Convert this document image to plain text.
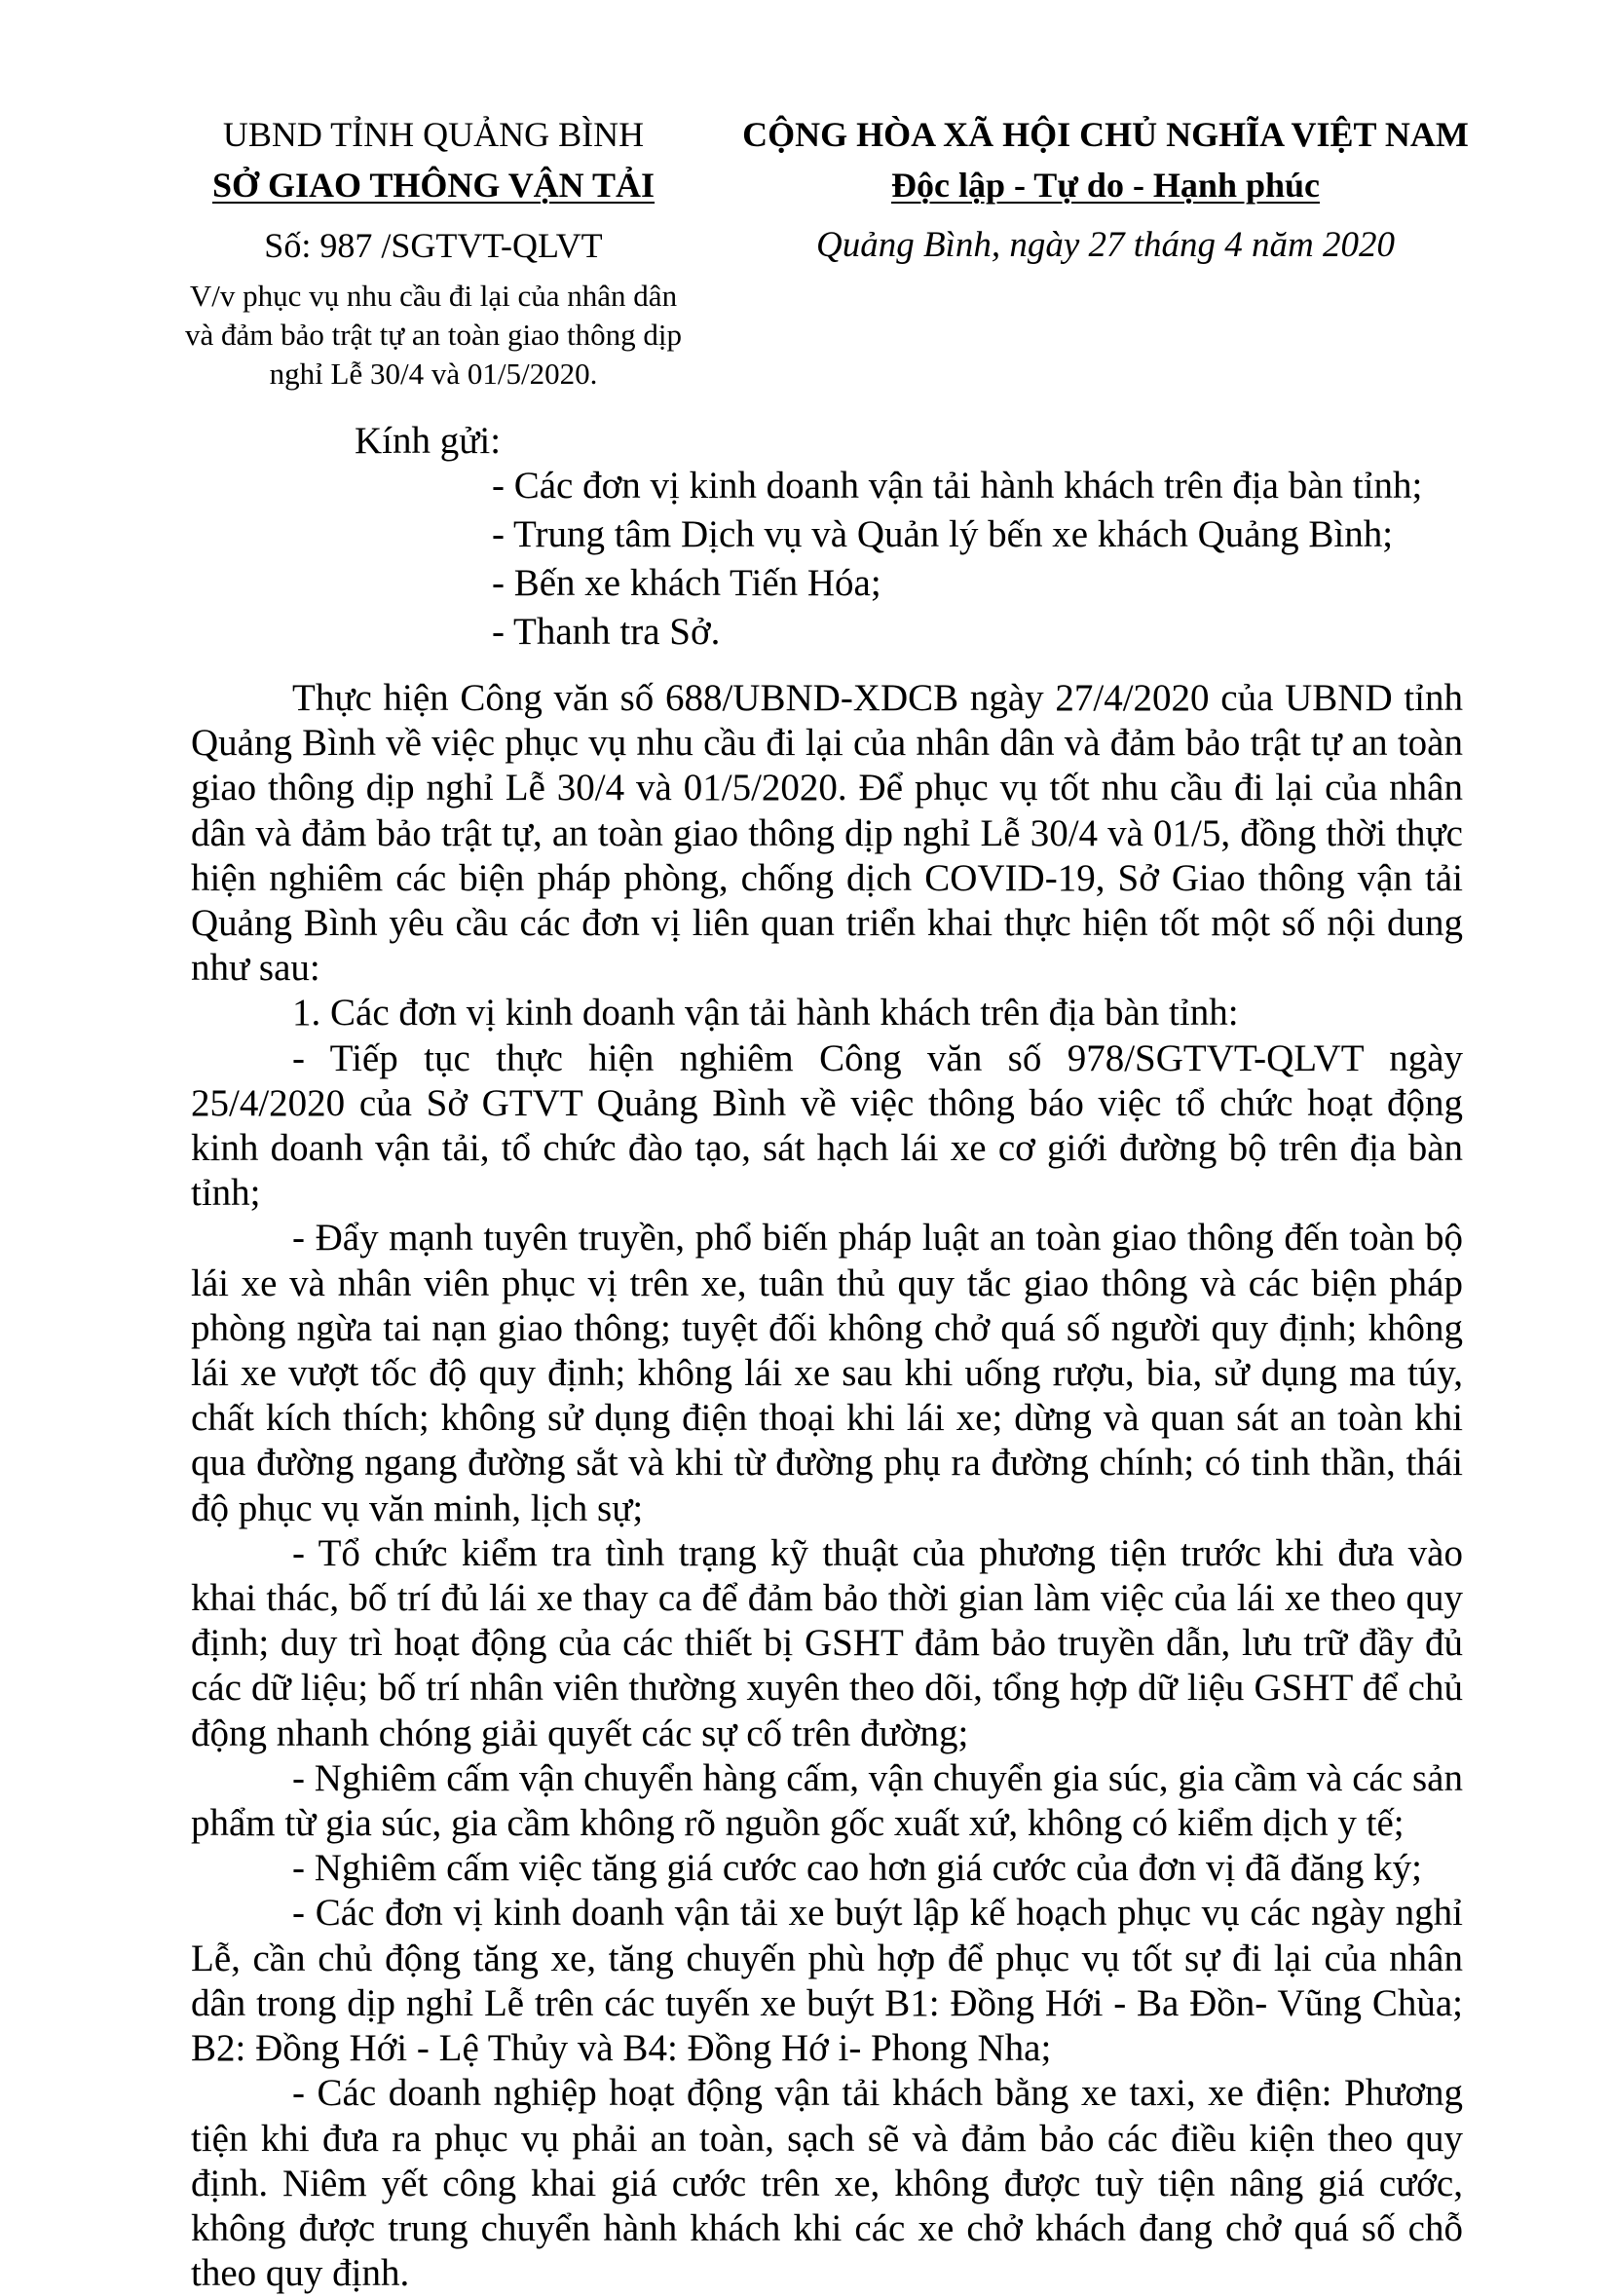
UBND TỈNH QUẢNG BÌNH
SỞ GIAO THÔNG VẬN TẢI
Số: 987 /SGTVT-QLVT
V/v phục vụ nhu cầu đi lại của nhân dân
và đảm bảo trật tự an toàn giao thông dịp
nghỉ Lễ 30/4 và 01/5/2020.
CỘNG HÒA XÃ HỘI CHỦ NGHĨA VIỆT NAM
Độc lập - Tự do - Hạnh phúc
Quảng Bình, ngày 27 tháng 4 năm 2020
Kính gửi:
- Các đơn vị kinh doanh vận tải hành khách trên địa bàn tỉnh;
- Trung tâm Dịch vụ và Quản lý bến xe khách Quảng Bình;
- Bến xe khách Tiến Hóa;
- Thanh tra Sở.

Thực hiện Công văn số 688/UBND-XDCB ngày 27/4/2020 của UBND tỉnh Quảng Bình về việc phục vụ nhu cầu đi lại của nhân dân và đảm bảo trật tự an toàn giao thông dịp nghỉ Lễ 30/4 và 01/5/2020. Để phục vụ tốt nhu cầu đi lại của nhân dân và đảm bảo trật tự, an toàn giao thông dịp nghỉ Lễ 30/4 và 01/5, đồng thời thực hiện nghiêm các biện pháp phòng, chống dịch COVID-19, Sở Giao thông vận tải Quảng Bình yêu cầu các đơn vị liên quan triển khai thực hiện tốt một số nội dung như sau:

1. Các đơn vị kinh doanh vận tải hành khách trên địa bàn tỉnh:

- Tiếp tục thực hiện nghiêm Công văn số 978/SGTVT-QLVT ngày 25/4/2020 của Sở GTVT Quảng Bình về việc thông báo việc tổ chức hoạt động kinh doanh vận tải, tổ chức đào tạo, sát hạch lái xe cơ giới đường bộ trên địa bàn tỉnh;

- Đẩy mạnh tuyên truyền, phổ biến pháp luật an toàn giao thông đến toàn bộ lái xe và nhân viên phục vị trên xe, tuân thủ quy tắc giao thông và các biện pháp phòng ngừa tai nạn giao thông; tuyệt đối không chở quá số người quy định; không lái xe vượt tốc độ quy định; không lái xe sau khi uống rượu, bia, sử dụng ma túy, chất kích thích; không sử dụng điện thoại khi lái xe; dừng và quan sát an toàn khi qua đường ngang đường sắt và khi từ đường phụ ra đường chính; có tinh thần, thái độ phục vụ văn minh, lịch sự;

- Tổ chức kiểm tra tình trạng kỹ thuật của phương tiện trước khi đưa vào khai thác, bố trí đủ lái xe thay ca để đảm bảo thời gian làm việc của lái xe theo quy định; duy trì hoạt động của các thiết bị GSHT đảm bảo truyền dẫn, lưu trữ đầy đủ các dữ liệu; bố trí nhân viên thường xuyên theo dõi, tổng hợp dữ liệu GSHT để chủ động nhanh chóng giải quyết các sự cố trên đường;

- Nghiêm cấm vận chuyển hàng cấm, vận chuyển gia súc, gia cầm và các sản phẩm từ gia súc, gia cầm không rõ nguồn gốc xuất xứ, không có kiểm dịch y tế;

- Nghiêm cấm việc tăng giá cước cao hơn giá cước của đơn vị đã đăng ký;

- Các đơn vị kinh doanh vận tải xe buýt lập kế hoạch phục vụ các ngày nghỉ Lễ, cần chủ động tăng xe, tăng chuyến phù hợp để phục vụ tốt sự đi lại của nhân dân trong dịp nghỉ Lễ trên các tuyến xe buýt B1: Đồng Hới - Ba Đồn- Vũng Chùa; B2: Đồng Hới - Lệ Thủy và B4: Đồng Hớ i- Phong Nha;

- Các doanh nghiệp hoạt động vận tải khách bằng xe taxi, xe điện: Phương tiện khi đưa ra phục vụ phải an toàn, sạch sẽ và đảm bảo các điều kiện theo quy định. Niêm yết công khai giá cước trên xe, không được tuỳ tiện nâng giá cước, không được trung chuyển hành khách khi các xe chở khách đang chở quá số chỗ theo quy định.
